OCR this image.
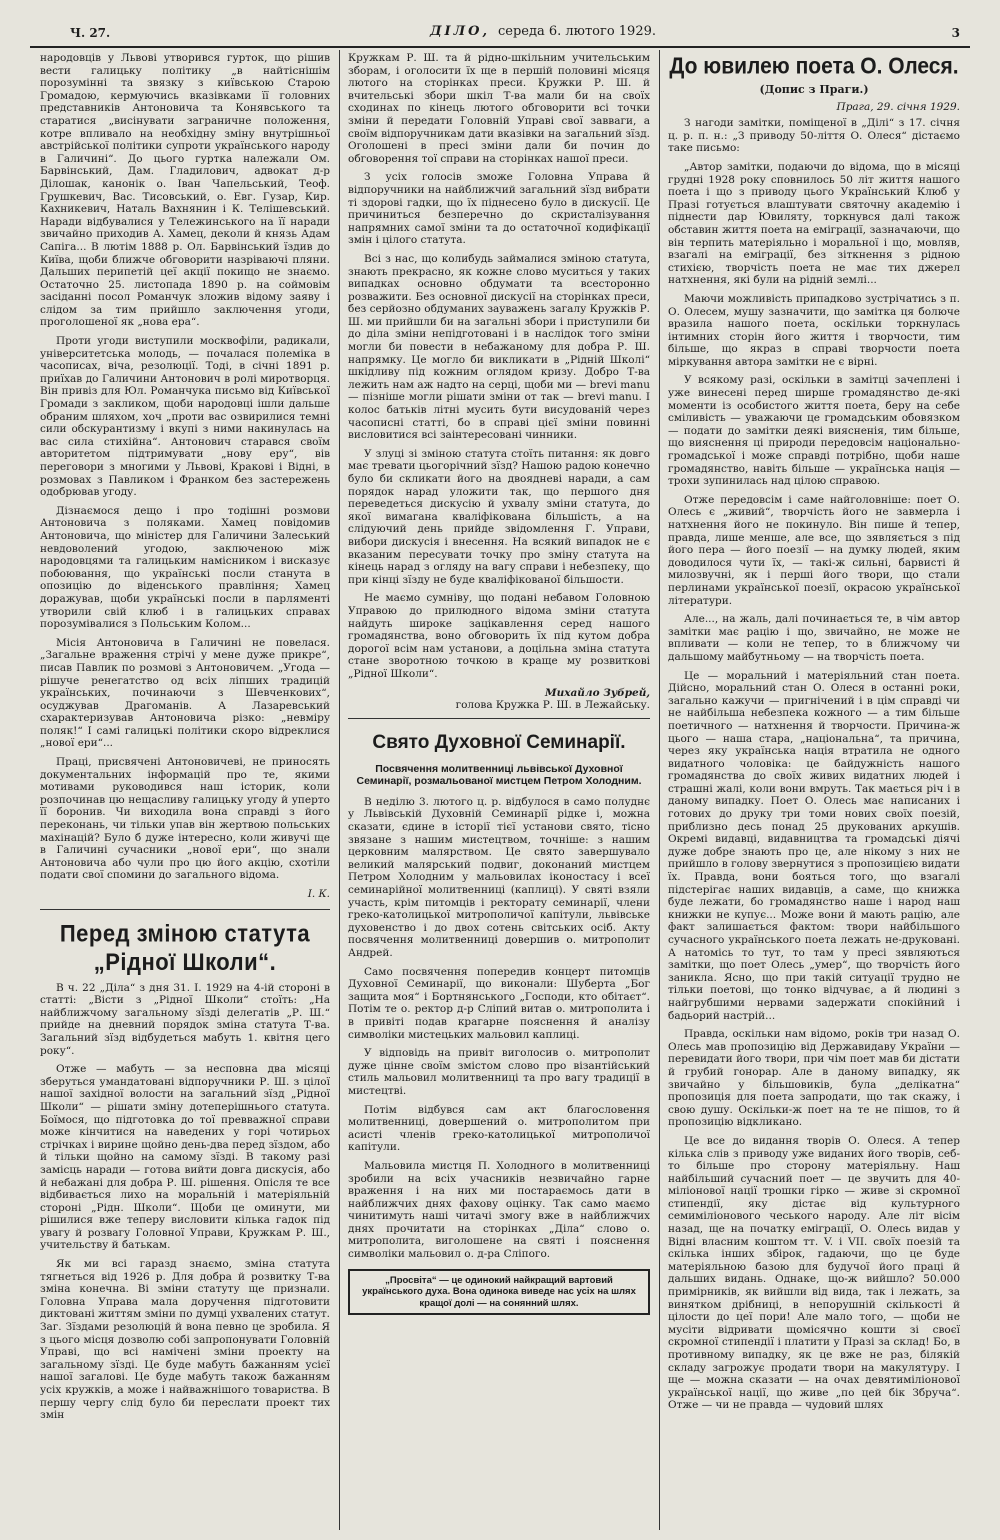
Ч. 27.	ДІЛО, середа 6. лютого 1929.	3

народовців у Львові утворився гурток, що рішив вести галицьку політику „в найтіснішім порозумінні та звязку з київською Старою Громадою, кермуючись вказівками її головних представників Антоновича та Конявського та старатися „висінувати заграничне положення, котре впливало на необхідну зміну внутрішньої австрійської політики супроти українського народу в Галичині“. До цього гуртка належали Ом. Барвінський, Дам. Гладилович, адвокат д-р Ділошак, канонік о. Іван Чапельський, Теоф. Грушкевич, Вас. Тисовський, о. Евг. Гузар, Кир. Кахникевич, Наталь Вахнянин і К. Телішевський. Наради відбувалися у Тележинського на її наради звичайно приходив А. Хамец, деколи й князь Адам Сапіга... В лютім 1888 р. Ол. Барвінський їздив до Київа, щоби ближче обговорити назріваючі пляни. Дальших перипетій цеї акції покищо не знаємо. Остаточно 25. листопада 1890 р. на соймовім засіданні посол Романчук зложив відому заяву і слідом за тим прийшло заключення угоди, проголошеної як „нова ера“.

Проти угоди виступили москвофіли, радикали, університетська молодь, — почалася полеміка в часописах, віча, резолюції. Тоді, в січні 1891 р. приїхав до Галичини Антонович в ролі миротворця. Він привіз для Юл. Романчука письмо від Київської Громади з закликом, щоби народовці ішли дальше обраним шляхом, хоч „проти вас озвирилися темні сили обскурантизму і вкупі з ними накинулась на вас сила стихійна“. Антонович старався своїм авторитетом підтримувати „нову еру“, вів переговори з многими у Львові, Кракові і Відні, в розмовах з Павликом і Франком без застережень одобрював угоду.

Дізнаємося дещо і про тодішні розмови Антоновича з поляками. Хамец повідомив Антоновича, що міністер для Галичини Залеський невдоволений угодою, заключеною між народовцями та галицьким намісником і висказує побоювання, що українські посли станута в опозицію до віденського правління; Хамец доражував, щоби українські посли в парляменті утворили свій клюб і в галицьких справах порозумівалися з Польським Колом...

Місія Антоновича в Галичині не повелася. „Загальне враження стрічі у мене дуже прикре“, писав Павлик по розмові з Антоновичем. „Угода — рішуче ренегатство од всіх ліпших традицій українських, починаючи з Шевченкових“, осуджував Драгоманів. А Лазаревський схарактеризував Антоновича різко: „невміру поляк!“ І самі галицькі політики скоро відреклися „нової ери“...

Праці, присвячені Антоновичеві, не приносять документальних інформацій про те, якими мотивами руководився наш історик, коли розпочинав цю нещасливу галицьку угоду й уперто її боронив. Чи виходила вона справді з його переконань, чи тільки упав він жертвою польських махінацій? Було б дуже інтересно, коли живучі ще в Галичині сучасники „нової ери“, що знали Антоновича або чули про цю його акцію, схотіли подати свої спомини до загального відома.

І. К.
Перед зміною статута
„Рідної Школи“.

В ч. 22 „Діла“ з дня 31. І. 1929 на 4-ій стороні в статті: „Вісти з „Рідної Школи“ стоїть: „На найближчому загальному зїзді делегатів „Р. Ш.“ прийде на дневний порядок зміна статута Т-ва. Загальний зїзд відбудеться мабуть 1. квітня цего року“.

Отже — мабуть — за несповна два місяці зберуться умандатовані відпоручники Р. Ш. з цілої нашої західної волости на загальний зїзд „Рідної Школи“ — рішати зміну дотеперішнього статута. Боїмося, що підготовка до тої превважної справи може кінчитися на наведених у горі чотирьох стрічках і вирине щойно день-два перед зїздом, або й тільки щойно на самому зїзді. В такому разі замісць наради — готова вийти довга дискусія, або й небажані для добра Р. Ш. рішення. Опісля те все відбивається лихо на моральній і матеріяльній стороні „Рідн. Школи“. Щоби це оминути, ми рішилися вже теперу висловити кілька гадок під увагу й розвагу Головної Управи, Кружкам Р. Ш., учительству й батькам.

Як ми всі гаразд знаємо, зміна статута тягнеться від 1926 р. Для добра й розвитку Т-ва зміна конечна. Ві зміни статуту ще признали. Головна Управа мала доручення підготовити диктовані життям зміни по думці ухвалених статут. Заг. Зїздами резолюцій й вона певно це зробила. Я з цього місця дозволю собі запропонувати Головній Управі, що всі намічені зміни проекту на загальному зїзді. Це буде мабуть бажанням усієї нашої загалові. Це буде мабуть також бажанням усіх кружків, а може і найважнішого товариства. В першу чергу слід було би переслати проект тих змін

Кружкам Р. Ш. та й рідно-шкільним учительським зборам, і оголосити їх ще в першій половині місяця лютого на сторінках преси. Кружки Р. Ш. й вчительські збори шкіл Т-ва мали би на своїх сходинах по кінець лютого обговорити всі точки зміни й передати Головній Управі свої завваги, а своїм відпоручникам дати вказівки на загальний зїзд. Оголошені в пресі зміни дали би почин до обговорення тої справи на сторінках нашої преси.

З усіх голосів зможе Головна Управа й відпоручники на найближчий загальний зїзд вибрати ті здорові гадки, що їх піднесено було в дискусії. Це причиниться безперечно до скристалізування напрямних самої зміни та до остаточної кодифікації змін і цілого статута.

Всі з нас, що колибудь займалися зміною статута, знають прекрасно, як кожне слово муситься у таких випадках основно обдумати та всесторонно розважити. Без основної дискусії на сторінках преси, без серйозно обдуманих зауважень загалу Кружків Р. Ш. ми прийшли би на загальні збори і приступили би до діла зміни непідготовані і в наслідок того зміни могли би повести в небажаному для добра Р. Ш. напрямку. Це могло би викликати в „Рідній Школі“ шкідливу під кожним оглядом кризу. Добро Т-ва лежить нам аж надто на серці, щоби ми — brevi manu — пізніше могли рішати зміни от так — brevi manu. І колос батьків літні мусить бути висудованій через часописні статті, бо в справі цієї зміни повинні висловитися всі заінтересовані чинники.

У злуці зі зміною статута стоїть питання: як довго має тревати цьогорічний зїзд? Нашою радою конечно було би скликати його на двоядневі наради, а сам порядок нарад уложити так, що першого дня переведеться дискусію й ухвалу зміни статута, до якої вимагана кваліфікована більшість, а на слідуючий день прийде звідомлення Г. Управи, вибори дискусія і внесення. На всякий випадок не є вказаним пересувати точку про зміну статута на кінець нарад з огляду на вагу справи і небезпеку, що при кінці зїзду не буде кваліфікованої більшости.

Не маємо сумніву, що подані небавом Головною Управою до прилюдного відома зміни статута найдуть широке зацікавлення серед нашого громадянства, воно обговорить їх під кутом добра дорогої всім нам установи, а доцільна зміна статута стане зворотною точкою в краще му розвиткові „Рідної Школи“.

Михайло Зубрей,
голова Кружка Р. Ш. в Лежайську.
Свято Духовної Семинарії.
Посвячення молитвенниці львівської Духовної Семинарії, розмальованої мистцем Петром Холодним.

В неділю 3. лютого ц. р. відбулося в само полуднє у Львівській Духовній Семинарії рідке і, можна сказати, єдине в історії тієї установи свято, тісно звязане з нашим мистецтвом, точніше: з нашим церковним малярством. Це свято завершувало великий малярський подвиг, доконаний мистцем Петром Холодним у мальовилах іконостасу і всеї семинарійної молитвенниці (каплиці). У святі взяли участь, крім питомців і ректорату семинарії, члени греко-католицької митрополичої капітули, львівське духовенство і до двох сотень світських осіб. Акту посвячення молитвенниці довершив о. митрополит Андрей.

Само посвячення попередив концерт питомців Духовної Семинарії, що виконали: Шуберта „Бог защита моя“ і Бортнянського „Господи, кто обітаєт“. Потім те о. ректор д-р Сліпий витав о. митрополита і в привіті подав крагарне пояснення й аналізу символіки мистецьких мальовил каплиці.

У відповідь на привіт виголосив о. митрополит дуже цінне своїм змістом слово про візантійський стиль мальовил молитвенниці та про вагу традиції в мистецтві.

Потім відбувся сам акт благословення молитвенниці, довершений о. митрополитом при асисті членів греко-католицької митрополичої капітули.

Мальовила мистця П. Холодного в молитвенниці зробили на всіх учасників незвичайно гарне враження і на них ми постараємось дати в найближчих днях фахову оцінку. Так само маємо чинитимуть наші читачі змогу вже в найближчих днях прочитати на сторінках „Діла“ слово о. митрополита, виголошене на святі і пояснення символіки мальовил о. д-ра Сліпого.

„Просвіта“ — це одинокий найкращий вартовий українського духа. Вона одинока виведе нас усіх на шлях кращої долі — на сонянний шлях.
До ювилею поета О. Олеся.
(Допис з Праги.)
Прага, 29. січня 1929.

З нагоди замітки, поміщеної в „Ділі“ з 17. січня ц. р. п. н.: „З приводу 50-ліття О. Олеся“ дістаємо таке письмо:

„Автор замітки, подаючи до відома, що в місяці грудні 1928 року сповнилось 50 літ життя нашого поета і що з приводу цього Український Клюб у Празі готується влаштувати святочну академію і піднести дар Ювиляту, торкнувся далі також обставин життя поета на еміграції, зазначаючи, що він терпить матеріяльно і моральної і що, мовляв, взагалі на еміграції, без зіткнення з рідною стихією, творчість поета не має тих джерел натхнення, які були на рідній землі...

Маючи можливість припадково зустрічатись з п. О. Олесем, мушу зазначити, що замітка ця болюче вразила нашого поета, оскільки торкнулась інтимних сторін його життя і творчости, тим більше, що якраз в справі творчости поета міркування автора замітки не є вірні.

У всякому разі, оскільки в замітці зачеплені і уже винесені перед ширше громадянство де-які моменти із особистого життя поета, беру на себе сміливість — уважаючи це громадським обовязком — подати до замітки деякі виясненія, тим більше, що вияснення ці природи передовсім національно-громадської і може справді потрібно, щоби наше громадянство, навіть більше — українська нація — трохи зупинилась над цілою справою.

Отже передовсім і саме найголовніше: поет О. Олесь є „живий“, творчість його не завмерла і натхнення його не покинуло. Він пише й тепер, правда, лише менше, але все, що зявляється з під його пера — його поезії — на думку людей, яким доводилося чути їх, — такі-ж сильні, барвисті й милозвучні, як і перші його твори, що стали перлинами української поезії, окрасою української літератури.

Але..., на жаль, далі починається те, в чім автор замітки має рацію і що, звичайно, не може не впливати — коли не тепер, то в ближчому чи дальшому майбутньому — на творчість поета.

Це — моральний і матеріяльний стан поета. Дійсно, моральний стан О. Олеся в останні роки, загально кажучи — пригнічений і в цім справді чи не найбільша небезпека кожного — а тим більше поетичного — натхнення й творчости. Причина-ж цього — наша стара, „національна“, та причина, через яку українська нація втратила не одного видатного чоловіка: це байдужність нашого громадянства до своїх живих видатних людей і страшні жалі, коли вони вмруть. Так мається річ і в даному випадку. Поет О. Олесь має написаних і готових до друку три томи нових своїх поезій, приблизно десь понад 25 друкованих аркушів. Окремі видавці, видавництва та громадські діячі дуже добре знають про це, але нікому з них не прийшло в голову звернутися з пропозицією видати їх. Правда, вони бояться того, що взагалі підстерігає наших видавців, а саме, що книжка буде лежати, бо громадянство наше і народ наш книжки не купує... Може вони й мають рацію, але факт залишається фактом: твори найбільшого сучасного українського поета лежать не-друковані. А натомісь то тут, то там у пресі зявляються замітки, що поет Олесь „умер“, що творчість його заникла. Ясно, що при такій ситуації трудно не тільки поетові, що тонко відчуває, а й людині з найгрубшими нервами задержати спокійний і бадьорий настрій...

Правда, оскільки нам відомо, років три назад О. Олесь мав пропозицію від Державидаву України — перевидати його твори, при чім поет мав би дістати й грубий гонорар. Але в даному випадку, як звичайно у більшовиків, була „делікатна“ пропозиція для поета запродати, що так скажу, і свою душу. Оскільки-ж поет на те не пішов, то й пропозицію відкликано.

Це все до видання творів О. Олеся. А тепер кілька слів з приводу уже виданих його творів, себ-то більше про сторону матеріяльну. Наш найбільший сучасний поет — це звучить для 40-міліонової нації трошки гірко — живе зі скромної стипендії, яку дістає від культурного семиміліонового чеського народу. Але літ вісім назад, ще на початку еміграції, О. Олесь видав у Відні власним коштом тт. V. і VII. своїх поезій та скілька інших збірок, гадаючи, що це буде матеріяльною базою для будучої його праці й дальших видань. Однаке, що-ж вийшло? 50.000 примірників, як вийшли від вида, так і лежать, за винятком дрібниці, в непорушній скількості й цілости до цеї пори! Але мало того, — щоби не мусіти відривати щомісячно кошти зі своєї скромної стипендії і платити у Празі за склад! Бо, в противному випадку, як це вже не раз, білякій складу загрожує продати твори на макулятуру. І ще — можна сказати — на очах девятиміліонової української нації, що живе „по цей бік Збруча“. Отже — чи не правда — чудовий шлях
